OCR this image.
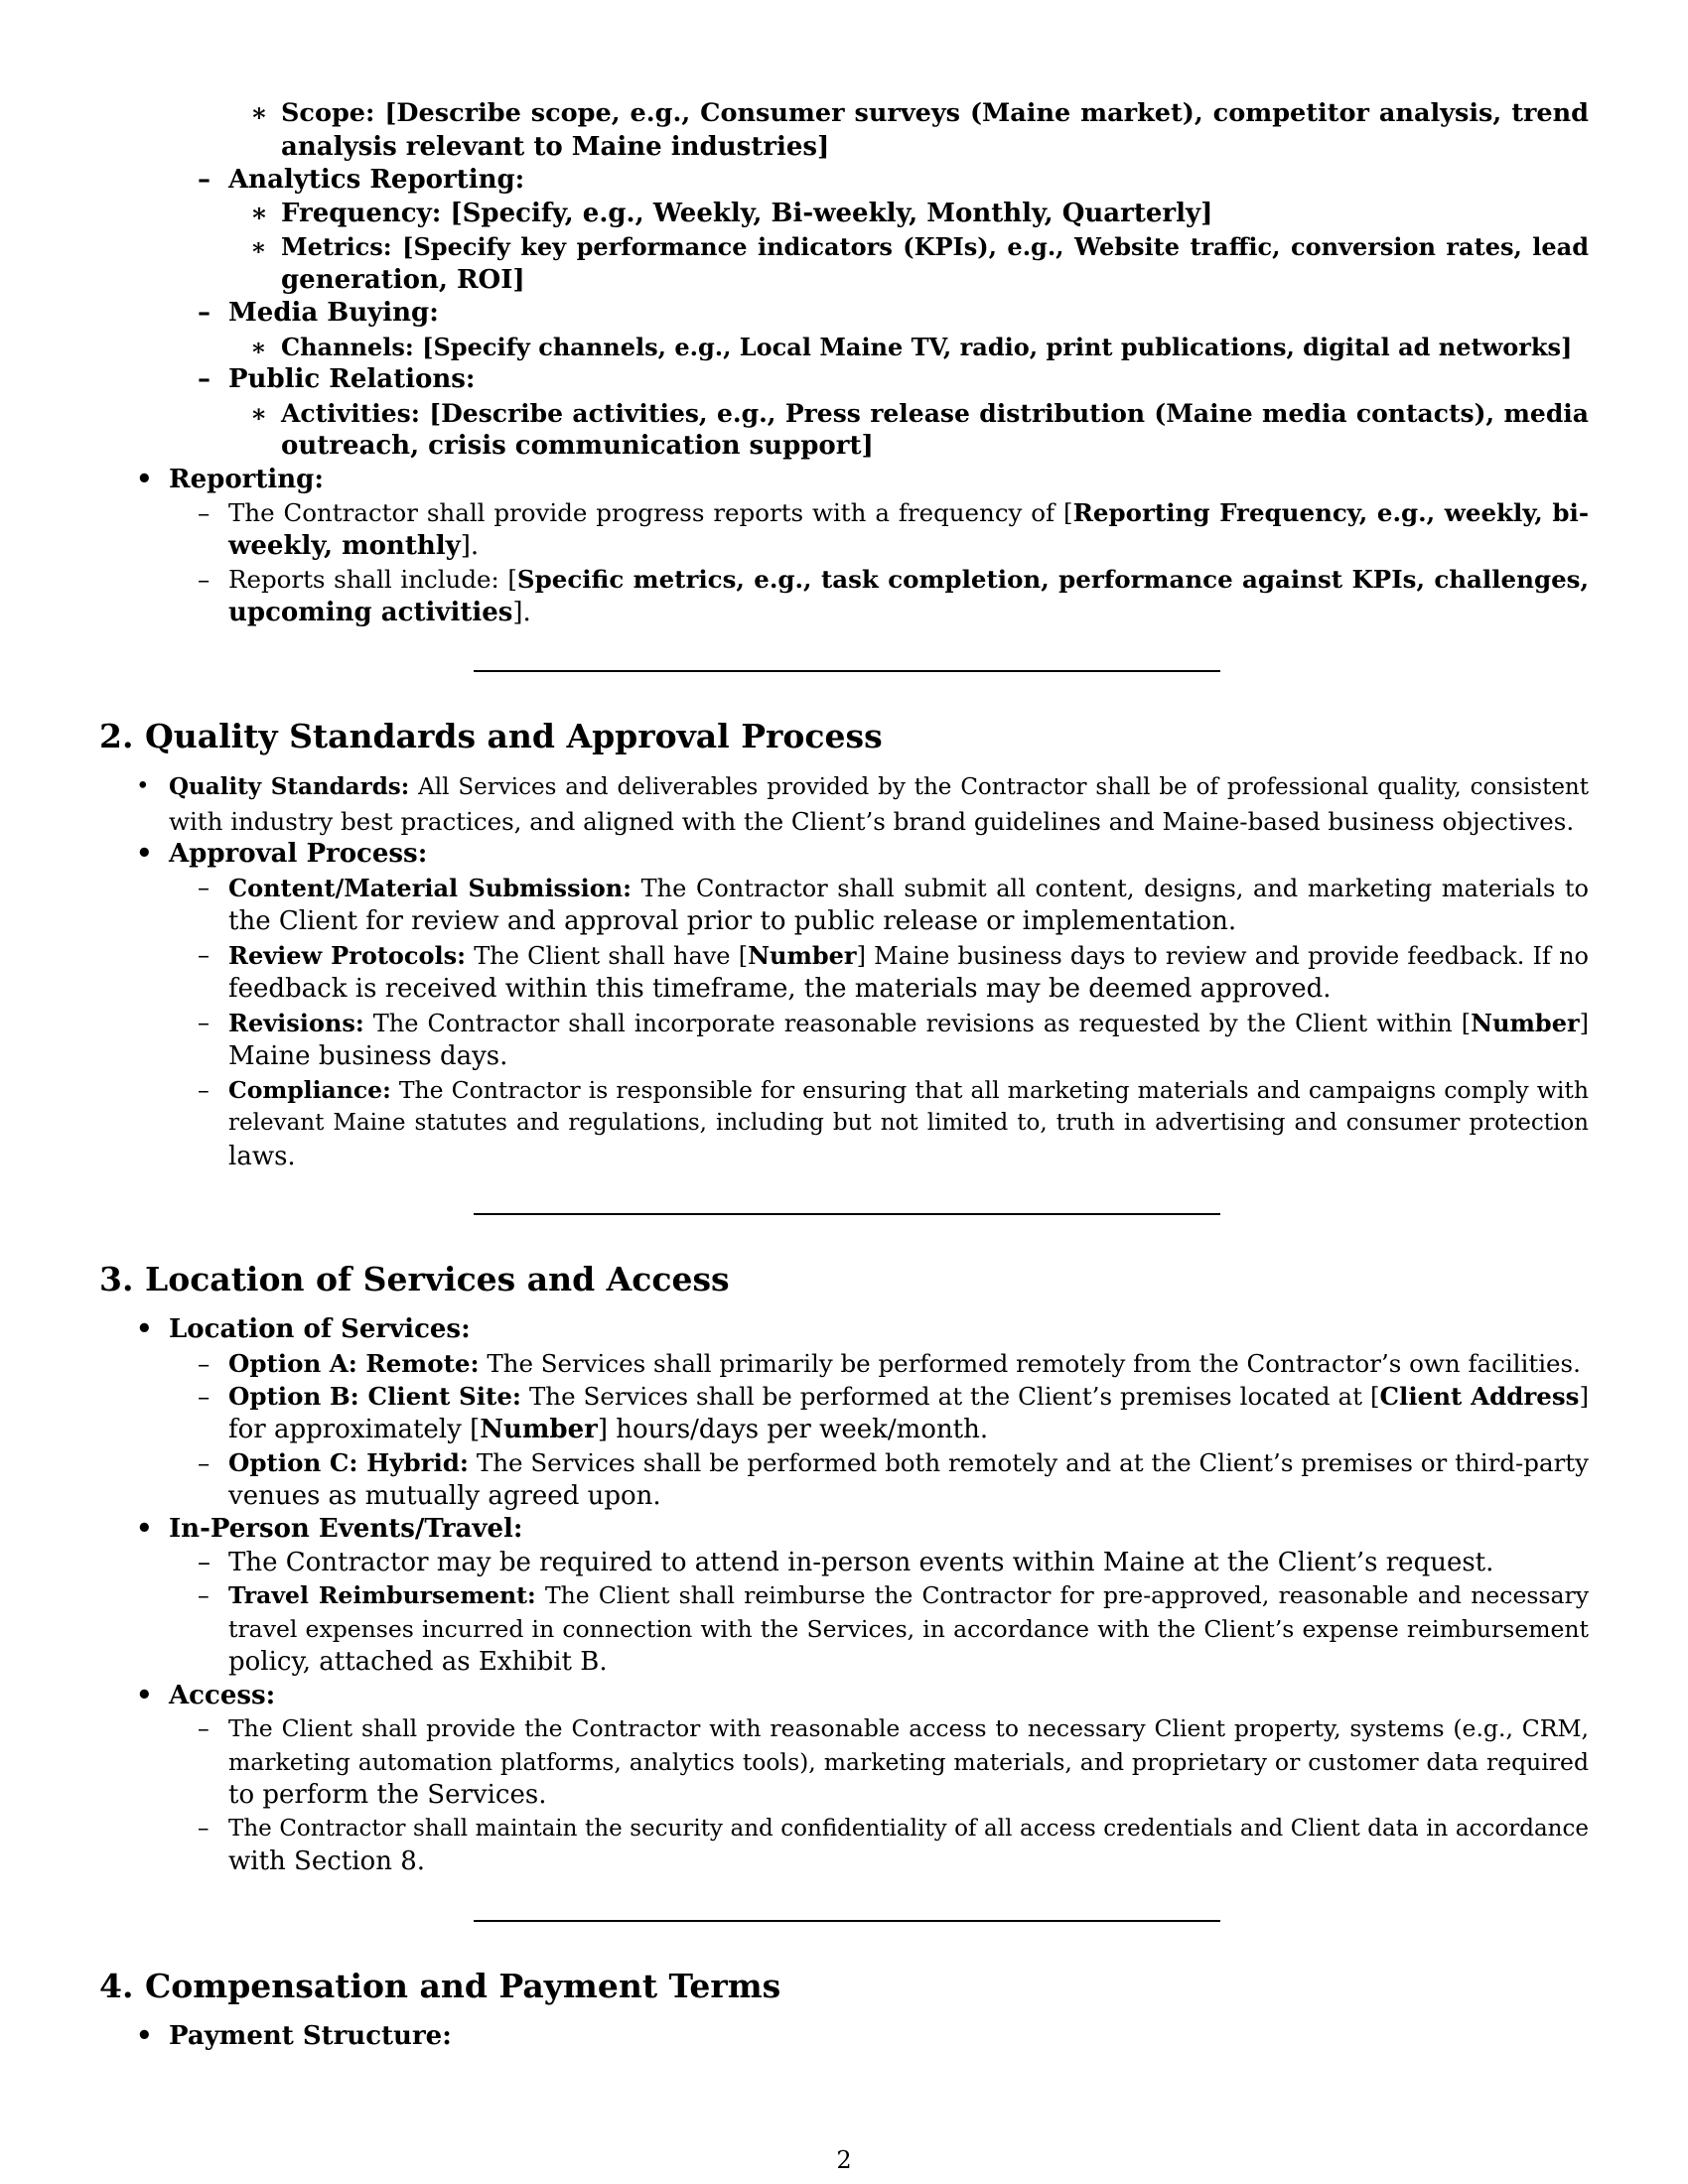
∗ Scope: [Describe scope, e.g., Consumer surveys (Maine market), competitor analysis, trend
analysis relevant to Maine industries]
– Analytics Reporting:
∗ Frequency: [Specify, e.g., Weekly, Bi-weekly, Monthly, Quarterly]
∗ Metrics: [Specify key performance indicators (KPIs), e.g., Website traffic, conversion rates, lead
generation, ROI]
– Media Buying:
∗ Channels: [Specify channels, e.g., Local Maine TV, radio, print publications, digital ad networks]
– Public Relations:
∗ Activities: [Describe activities, e.g., Press release distribution (Maine media contacts), media
outreach, crisis communication support]
• Reporting:
– The Contractor shall provide progress reports with a frequency of [Reporting Frequency, e.g., weekly, bi-
weekly, monthly].
– Reports shall include: [Specific metrics, e.g., task completion, performance against KPIs, challenges,
upcoming activities].
2. Quality Standards and Approval Process
• Quality Standards: All Services and deliverables provided by the Contractor shall be of professional quality, consistent
with industry best practices, and aligned with the Client’s brand guidelines and Maine-based business objectives.
• Approval Process:
– Content/Material Submission: The Contractor shall submit all content, designs, and marketing materials to
the Client for review and approval prior to public release or implementation.
– Review Protocols: The Client shall have [Number] Maine business days to review and provide feedback. If no
feedback is received within this timeframe, the materials may be deemed approved.
– Revisions: The Contractor shall incorporate reasonable revisions as requested by the Client within [Number]
Maine business days.
– Compliance: The Contractor is responsible for ensuring that all marketing materials and campaigns comply with
relevant Maine statutes and regulations, including but not limited to, truth in advertising and consumer protection
laws.
3. Location of Services and Access
• Location of Services:
– Option A: Remote: The Services shall primarily be performed remotely from the Contractor’s own facilities.
– Option B: Client Site: The Services shall be performed at the Client’s premises located at [Client Address]
for approximately [Number] hours/days per week/month.
– Option C: Hybrid: The Services shall be performed both remotely and at the Client’s premises or third-party
venues as mutually agreed upon.
• In-Person Events/Travel:
– The Contractor may be required to attend in-person events within Maine at the Client’s request.
– Travel Reimbursement: The Client shall reimburse the Contractor for pre-approved, reasonable and necessary
travel expenses incurred in connection with the Services, in accordance with the Client’s expense reimbursement
policy, attached as Exhibit B.
• Access:
– The Client shall provide the Contractor with reasonable access to necessary Client property, systems (e.g., CRM,
marketing automation platforms, analytics tools), marketing materials, and proprietary or customer data required
to perform the Services.
– The Contractor shall maintain the security and confidentiality of all access credentials and Client data in accordance
with Section 8.
4. Compensation and Payment Terms
• Payment Structure:
2
